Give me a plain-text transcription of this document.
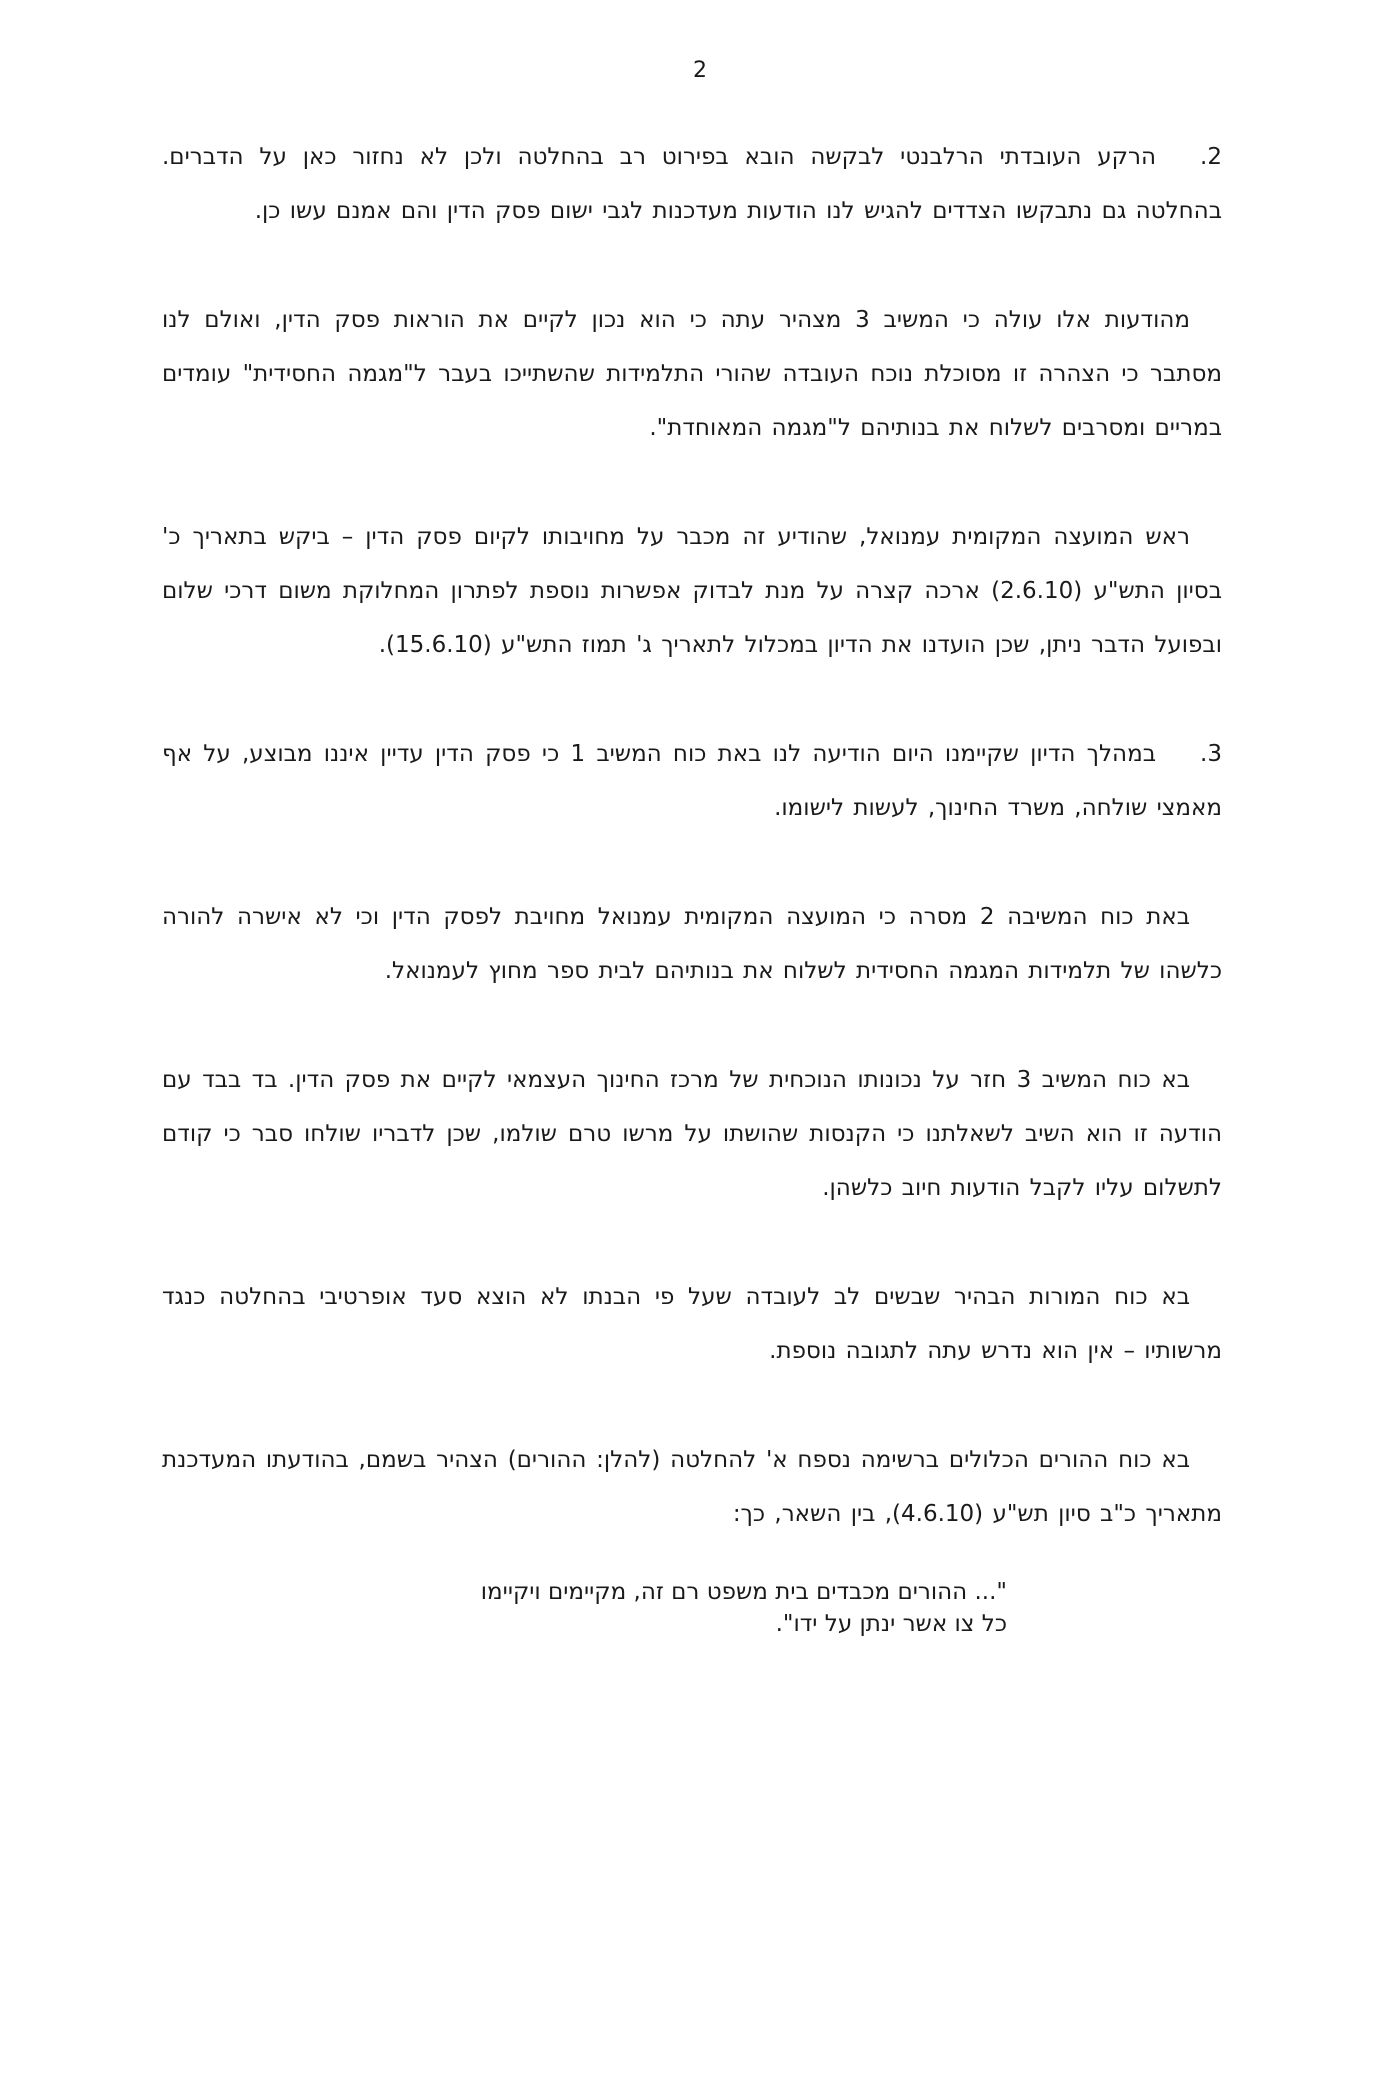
2

2.הרקע העובדתי הרלבנטי לבקשה הובא בפירוט רב בהחלטה ולכן לא נחזור כאן על הדברים. בהחלטה גם נתבקשו הצדדים להגיש לנו הודעות מעדכנות לגבי ישום פסק הדין והם אמנם עשו כן.

מהודעות אלו עולה כי המשיב 3 מצהיר עתה כי הוא נכון לקיים את הוראות פסק הדין, ואולם לנו מסתבר כי הצהרה זו מסוכלת נוכח העובדה שהורי התלמידות שהשתייכו בעבר ל"מגמה החסידית" עומדים במריים ומסרבים לשלוח את בנותיהם ל"מגמה המאוחדת".

ראש המועצה המקומית עמנואל, שהודיע זה מכבר על מחויבותו לקיום פסק הדין – ביקש בתאריך כ' בסיון התש"ע (2.6.10) ארכה קצרה על מנת לבדוק אפשרות נוספת לפתרון המחלוקת משום דרכי שלום ובפועל הדבר ניתן, שכן הועדנו את הדיון במכלול לתאריך ג' תמוז התש"ע (15.6.10).

3.במהלך הדיון שקיימנו היום הודיעה לנו באת כוח המשיב 1 כי פסק הדין עדיין איננו מבוצע, על אף מאמצי שולחה, משרד החינוך, לעשות לישומו.

באת כוח המשיבה 2 מסרה כי המועצה המקומית עמנואל מחויבת לפסק הדין וכי לא אישרה להורה כלשהו של תלמידות המגמה החסידית לשלוח את בנותיהם לבית ספר מחוץ לעמנואל.

בא כוח המשיב 3 חזר על נכונותו הנוכחית של מרכז החינוך העצמאי לקיים את פסק הדין. בד בבד עם הודעה זו הוא השיב לשאלתנו כי הקנסות שהושתו על מרשו טרם שולמו, שכן לדבריו שולחו סבר כי קודם לתשלום עליו לקבל הודעות חיוב כלשהן.

בא כוח המורות הבהיר שבשים לב לעובדה שעל פי הבנתו לא הוצא סעד אופרטיבי בהחלטה כנגד מרשותיו – אין הוא נדרש עתה לתגובה נוספת.

בא כוח ההורים הכלולים ברשימה נספח א' להחלטה (להלן: ההורים) הצהיר בשמם, בהודעתו המעדכנת מתאריך כ"ב סיון תש"ע (4.6.10), בין השאר, כך:

"... ההורים מכבדים בית משפט רם זה, מקיימים ויקיימו
כל צו אשר ינתן על ידו".
